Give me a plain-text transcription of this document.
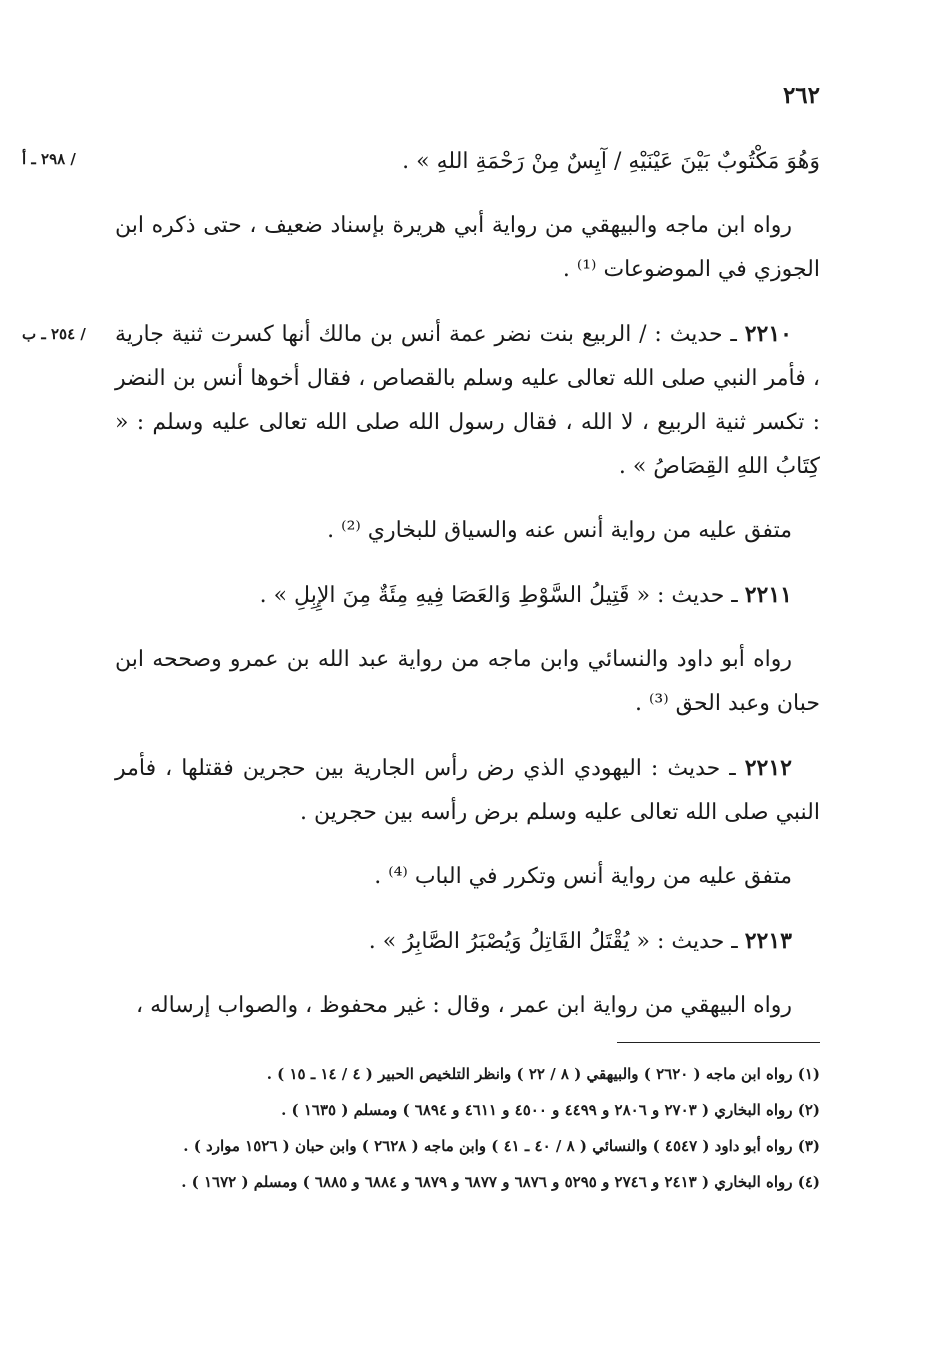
٢٦٢
/ ٢٩٨ ـ أ
/ ٢٥٤ ـ ب

وَهُوَ مَكْتُوبٌ بَيْنَ عَيْنَيْهِ / آيِسٌ مِنْ رَحْمَةِ اللهِ » .

رواه ابن ماجه والبيهقي من رواية أبي هريرة بإسناد ضعيف ، حتى ذكره ابن الجوزي في الموضوعات ⁽¹⁾ .

٢٢١٠ ـ حديث : / الربيع بنت نضر عمة أنس بن مالك أنها كسرت ثنية جارية ، فأمر النبي صلى الله تعالى عليه وسلم بالقصاص ، فقال أخوها أنس بن النضر : تكسر ثنية الربيع ، لا الله ، فقال رسول الله صلى الله تعالى عليه وسلم : « كِتَابُ اللهِ القِصَاصُ » .

متفق عليه من رواية أنس عنه والسياق للبخاري ⁽²⁾ .

٢٢١١ ـ حديث : « قَتِيلُ السَّوْطِ وَالعَصَا فِيهِ مِئَةٌ مِنَ الإِبِلِ » .

رواه أبو داود والنسائي وابن ماجه من رواية عبد الله بن عمرو وصححه ابن حبان وعبد الحق ⁽³⁾ .

٢٢١٢ ـ حديث : اليهودي الذي رض رأس الجارية بين حجرين فقتلها ، فأمر النبي صلى الله تعالى عليه وسلم برض رأسه بين حجرين .

متفق عليه من رواية أنس وتكرر في الباب ⁽⁴⁾ .

٢٢١٣ ـ حديث : « يُقْتَلُ القَاتِلُ وَيُصْبَرُ الصَّابِرُ » .

رواه البيهقي من رواية ابن عمر ، وقال : غير محفوظ ، والصواب إرساله ،

(١) رواه ابن ماجه ( ٢٦٢٠ ) والبيهقي ( ٨ / ٢٢ ) وانظر التلخيص الحبير ( ٤ / ١٤ ـ ١٥ ) .

(٢) رواه البخاري ( ٢٧٠٣ و ٢٨٠٦ و ٤٤٩٩ و ٤٥٠٠ و ٤٦١١ و ٦٨٩٤ ) ومسلم ( ١٦٣٥ ) .

(٣) رواه أبو داود ( ٤٥٤٧ ) والنسائي ( ٨ / ٤٠ ـ ٤١ ) وابن ماجه ( ٢٦٢٨ ) وابن حبان ( ١٥٢٦ موارد ) .

(٤) رواه البخاري ( ٢٤١٣ و ٢٧٤٦ و ٥٢٩٥ و ٦٨٧٦ و ٦٨٧٧ و ٦٨٧٩ و ٦٨٨٤ و ٦٨٨٥ ) ومسلم ( ١٦٧٢ ) .
